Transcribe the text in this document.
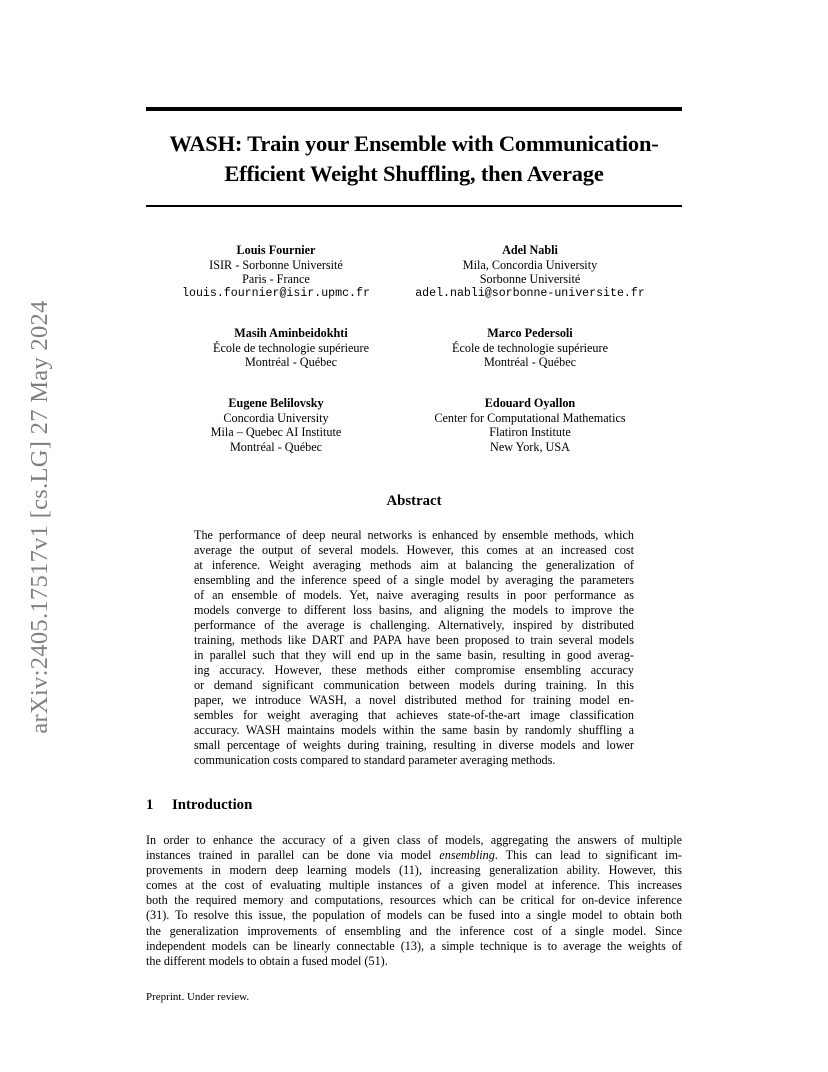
arXiv:2405.17517v1 [cs.LG] 27 May 2024
WASH: Train your Ensemble with Communication-
Efficient Weight Shuffling, then Average
Louis Fournier
ISIR - Sorbonne Université
Paris - France
louis.fournier@isir.upmc.fr
Adel Nabli
Mila, Concordia University
Sorbonne Université
adel.nabli@sorbonne-universite.fr
Masih Aminbeidokhti
École de technologie supérieure
Montréal - Québec
Marco Pedersoli
École de technologie supérieure
Montréal - Québec
Eugene Belilovsky
Concordia University
Mila – Quebec AI Institute
Montréal - Québec
Edouard Oyallon
Center for Computational Mathematics
Flatiron Institute
New York, USA
Abstract
The performance of deep neural networks is enhanced by ensemble methods, which
average the output of several models. However, this comes at an increased cost
at inference. Weight averaging methods aim at balancing the generalization of
ensembling and the inference speed of a single model by averaging the parameters
of an ensemble of models. Yet, naive averaging results in poor performance as
models converge to different loss basins, and aligning the models to improve the
performance of the average is challenging. Alternatively, inspired by distributed
training, methods like DART and PAPA have been proposed to train several models
in parallel such that they will end up in the same basin, resulting in good averag-
ing accuracy. However, these methods either compromise ensembling accuracy
or demand significant communication between models during training. In this
paper, we introduce WASH, a novel distributed method for training model en-
sembles for weight averaging that achieves state-of-the-art image classification
accuracy. WASH maintains models within the same basin by randomly shuffling a
small percentage of weights during training, resulting in diverse models and lower
communication costs compared to standard parameter averaging methods.
1 Introduction
In order to enhance the accuracy of a given class of models, aggregating the answers of multiple
instances trained in parallel can be done via model ensembling. This can lead to significant im-
provements in modern deep learning models (11), increasing generalization ability. However, this
comes at the cost of evaluating multiple instances of a given model at inference. This increases
both the required memory and computations, resources which can be critical for on-device inference
(31). To resolve this issue, the population of models can be fused into a single model to obtain both
the generalization improvements of ensembling and the inference cost of a single model. Since
independent models can be linearly connectable (13), a simple technique is to average the weights of
the different models to obtain a fused model (51).
Preprint. Under review.
